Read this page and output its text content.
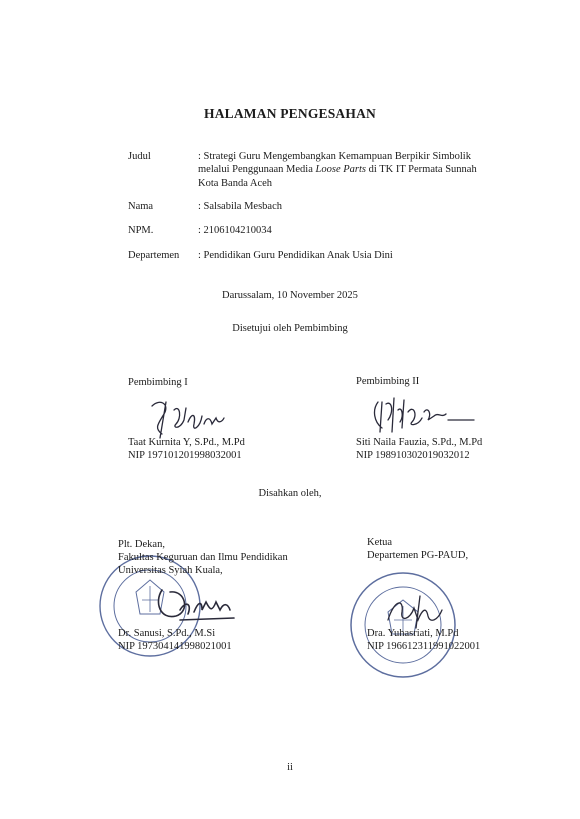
HALAMAN PENGESAHAN
Judul	: Strategi Guru Mengembangkan Kemampuan Berpikir Simbolik melalui Penggunaan Media Loose Parts di TK IT Permata Sunnah Kota Banda Aceh
Nama	: Salsabila Mesbach
NPM.	: 2106104210034
Departemen	: Pendidikan Guru Pendidikan Anak Usia Dini
Darussalam, 10 November 2025
Disetujui oleh Pembimbing
Pembimbing I
Taat Kurnita Y, S.Pd., M.Pd
NIP 197101201998032001
Pembimbing II
Siti Naila Fauzia, S.Pd., M.Pd
NIP 198910302019032012
Disahkan oleh,
Plt. Dekan,
Fakultas Keguruan dan Ilmu Pendidikan
Universitas Syiah Kuala,
Dr. Sanusi, S.Pd., M.Si
NIP 197304141998021001
Ketua
Departemen PG-PAUD,
Dra. Yuhasriati, M.Pd
NIP 196612311991022001
ii
